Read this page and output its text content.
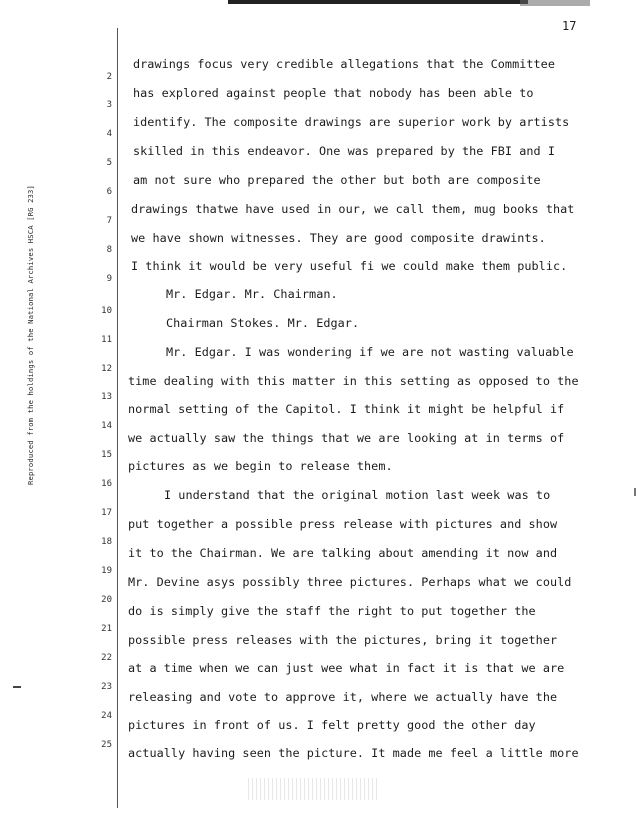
17
Reproduced from the holdings of the National Archives HSCA [RG 233]
2
3
4
5
6
7
8
9
10
11
12
13
14
15
16
17
18
19
20
21
22
23
24
25
drawings focus very credible allegations that the Committee
has explored against people that nobody has been able to
identify. The composite drawings are superior work by artists
skilled in this endeavor. One was prepared by the FBI and I
am not sure who prepared the other but both are composite
drawings thatwe have used in our, we call them, mug books that
we have shown witnesses. They are good composite drawints.
I think it would be very useful fi we could make them public.
Mr. Edgar. Mr. Chairman.
Chairman Stokes. Mr. Edgar.
Mr. Edgar. I was wondering if we are not wasting valuable
time dealing with this matter in this setting as opposed to the
normal setting of the Capitol. I think it might be helpful if
we actually saw the things that we are looking at in terms of
pictures as we begin to release them.
I understand that the original motion last week was to
put together a possible press release with pictures and show
it to the Chairman. We are talking about amending it now and
Mr. Devine asys possibly three pictures. Perhaps what we could
do is simply give the staff the right to put together the
possible press releases with the pictures, bring it together
at a time when we can just wee what in fact it is that we are
releasing and vote to approve it, where we actually have the
pictures in front of us. I felt pretty good the other day
actually having seen the picture. It made me feel a little more
